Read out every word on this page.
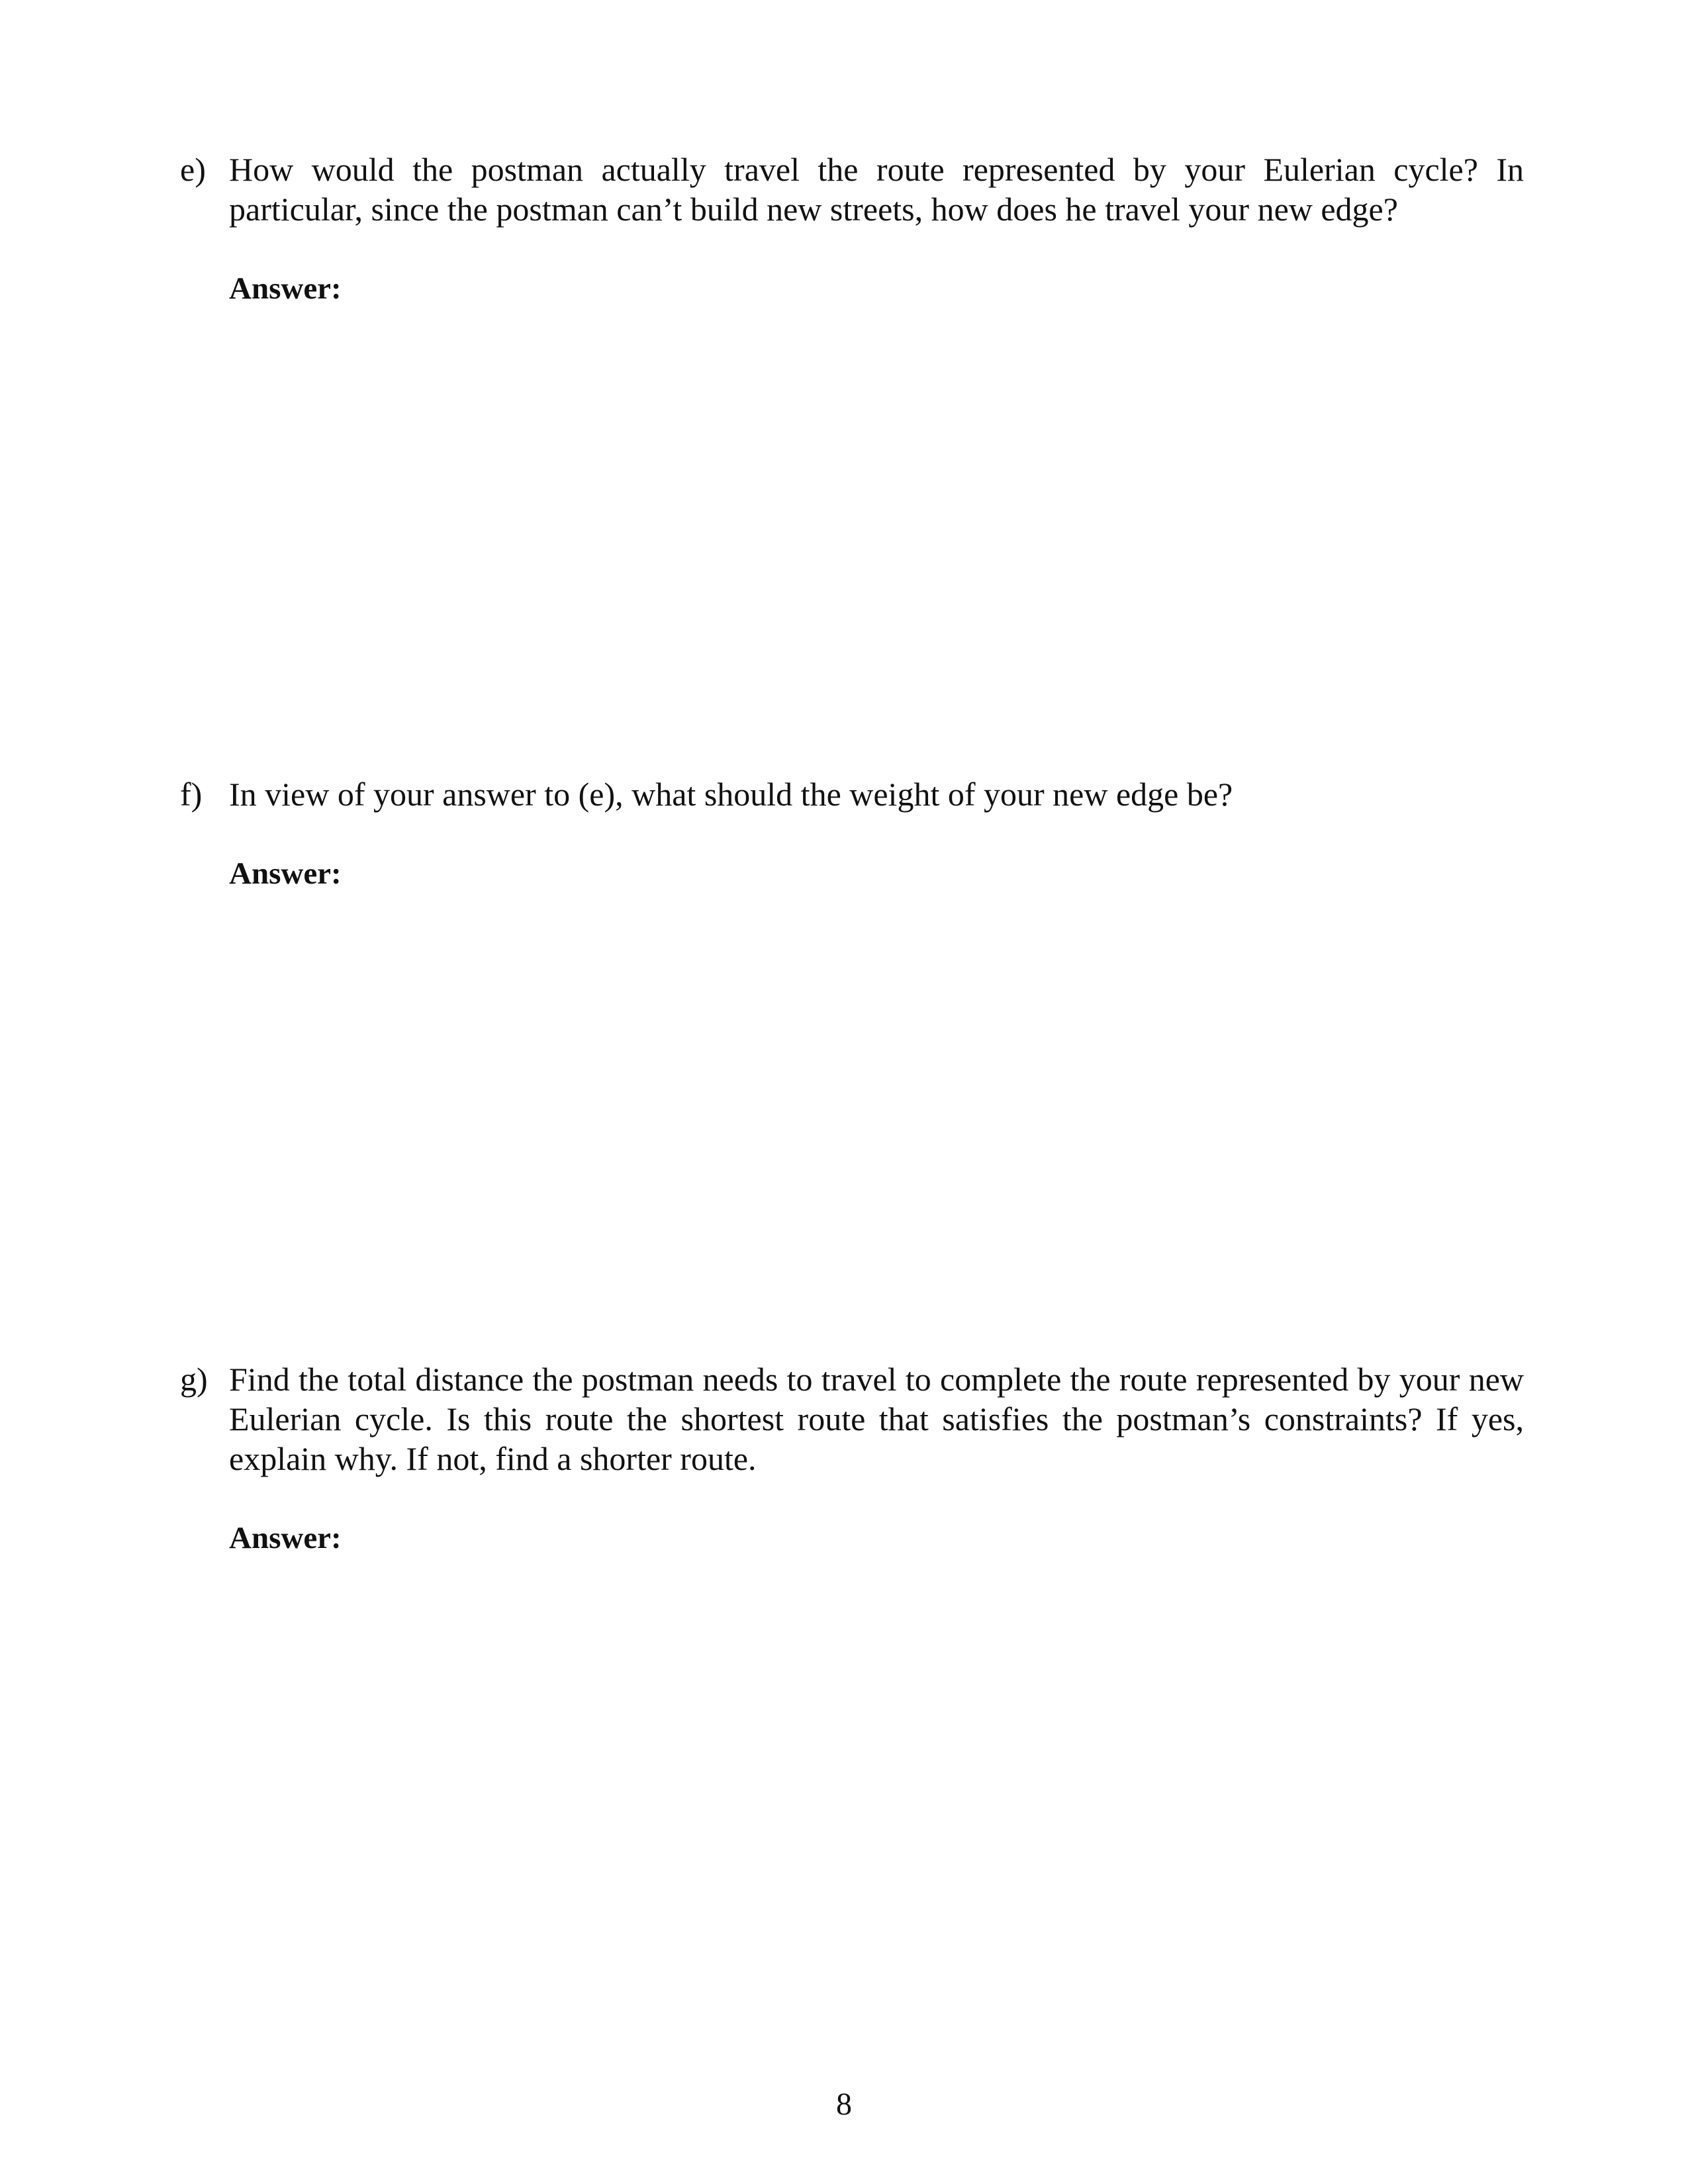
e) How would the postman actually travel the route represented by your Eulerian cycle? In particular, since the postman can’t build new streets, how does he travel your new edge?
Answer:
f) In view of your answer to (e), what should the weight of your new edge be?
Answer:
g) Find the total distance the postman needs to travel to complete the route represented by your new Eulerian cycle. Is this route the shortest route that satisfies the postman’s constraints? If yes, explain why. If not, find a shorter route.
Answer:
8
